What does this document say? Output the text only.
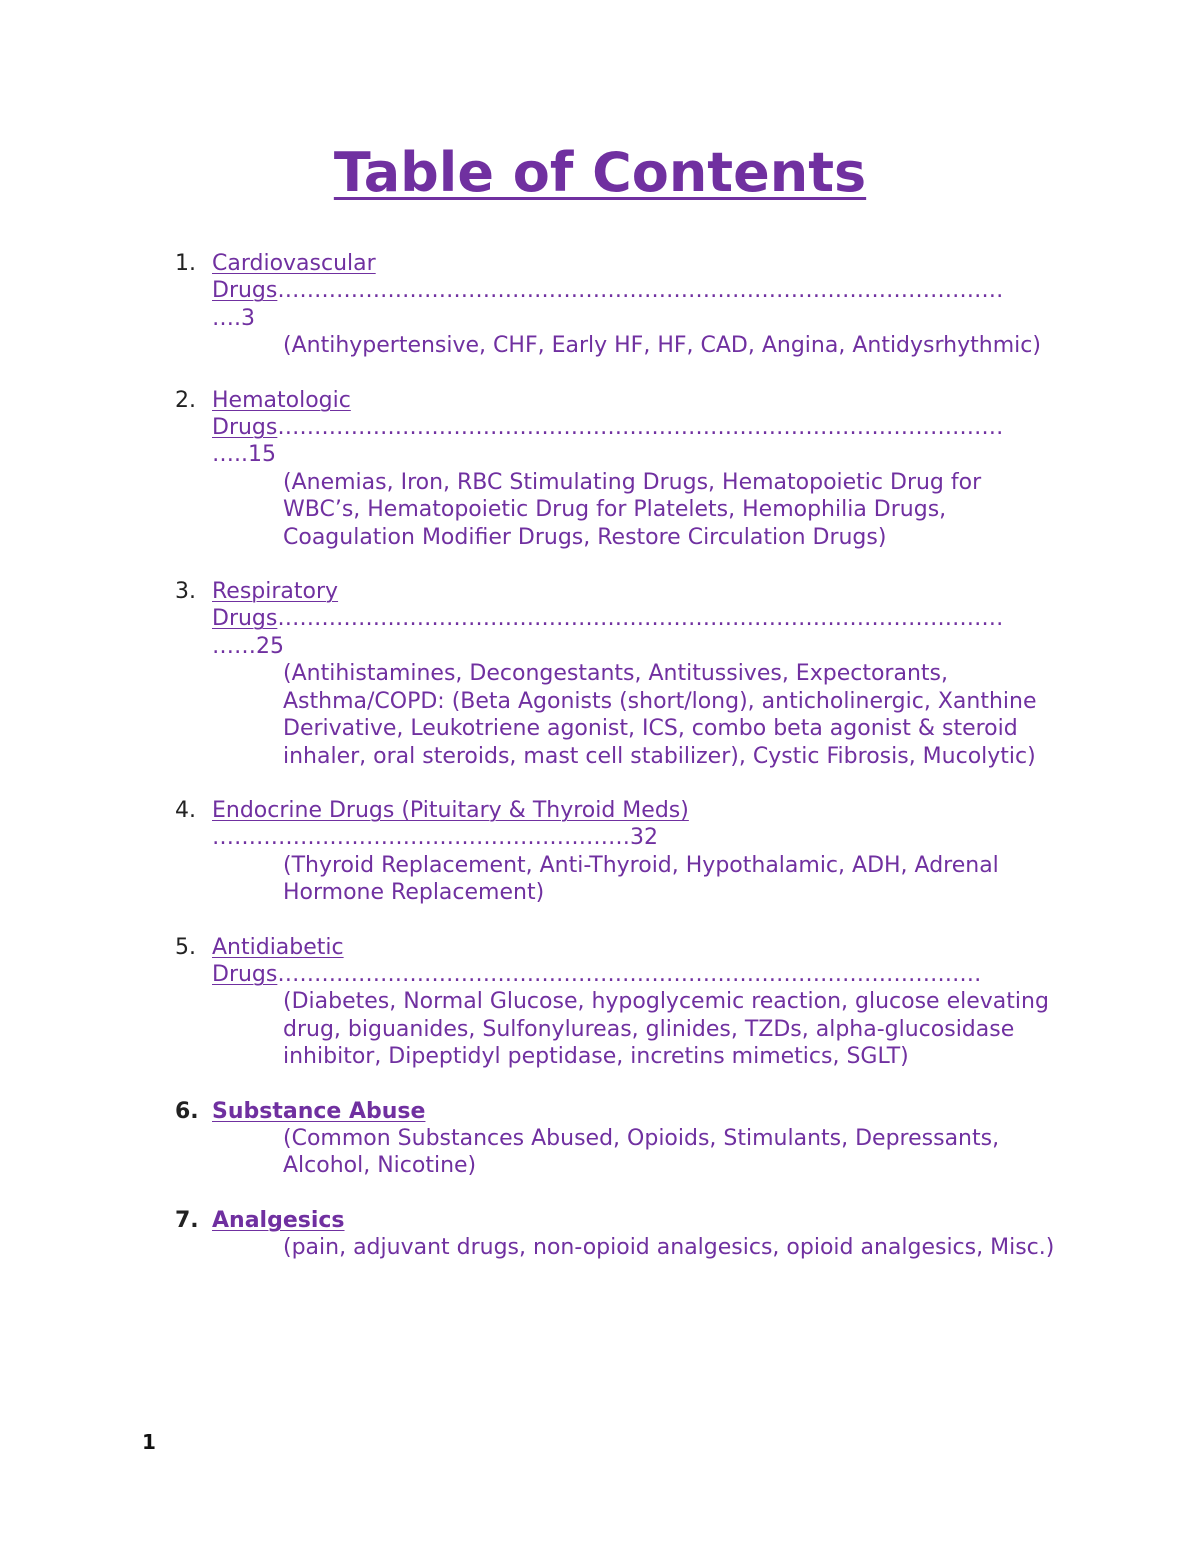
Table of Contents
1. Cardiovascular
Drugs………………………………………………………………………………………
….3
(Antihypertensive, CHF, Early HF, HF, CAD, Angina, Antidysrhythmic)
2. Hematologic
Drugs………………………………………………………………………………………
…..15
(Anemias, Iron, RBC Stimulating Drugs, Hematopoietic Drug for WBC’s, Hematopoietic Drug for Platelets, Hemophilia Drugs, Coagulation Modifier Drugs, Restore Circulation Drugs)
3. Respiratory
Drugs………………………………………………………………………………………
……25
(Antihistamines, Decongestants, Antitussives, Expectorants, Asthma/COPD: (Beta Agonists (short/long), anticholinergic, Xanthine Derivative, Leukotriene agonist, ICS, combo beta agonist & steroid inhaler, oral steroids, mast cell stabilizer), Cystic Fibrosis, Mucolytic)
4. Endocrine Drugs (Pituitary & Thyroid Meds)
…………………………………………………32
(Thyroid Replacement, Anti-Thyroid, Hypothalamic, ADH, Adrenal Hormone Replacement)
5. Antidiabetic
Drugs……………………………………………………………………………………
(Diabetes, Normal Glucose, hypoglycemic reaction, glucose elevating drug, biguanides, Sulfonylureas, glinides, TZDs, alpha-glucosidase inhibitor, Dipeptidyl peptidase, incretins mimetics, SGLT)
6. Substance Abuse
(Common Substances Abused, Opioids, Stimulants, Depressants, Alcohol, Nicotine)
7. Analgesics
(pain, adjuvant drugs, non-opioid analgesics, opioid analgesics, Misc.)
1
